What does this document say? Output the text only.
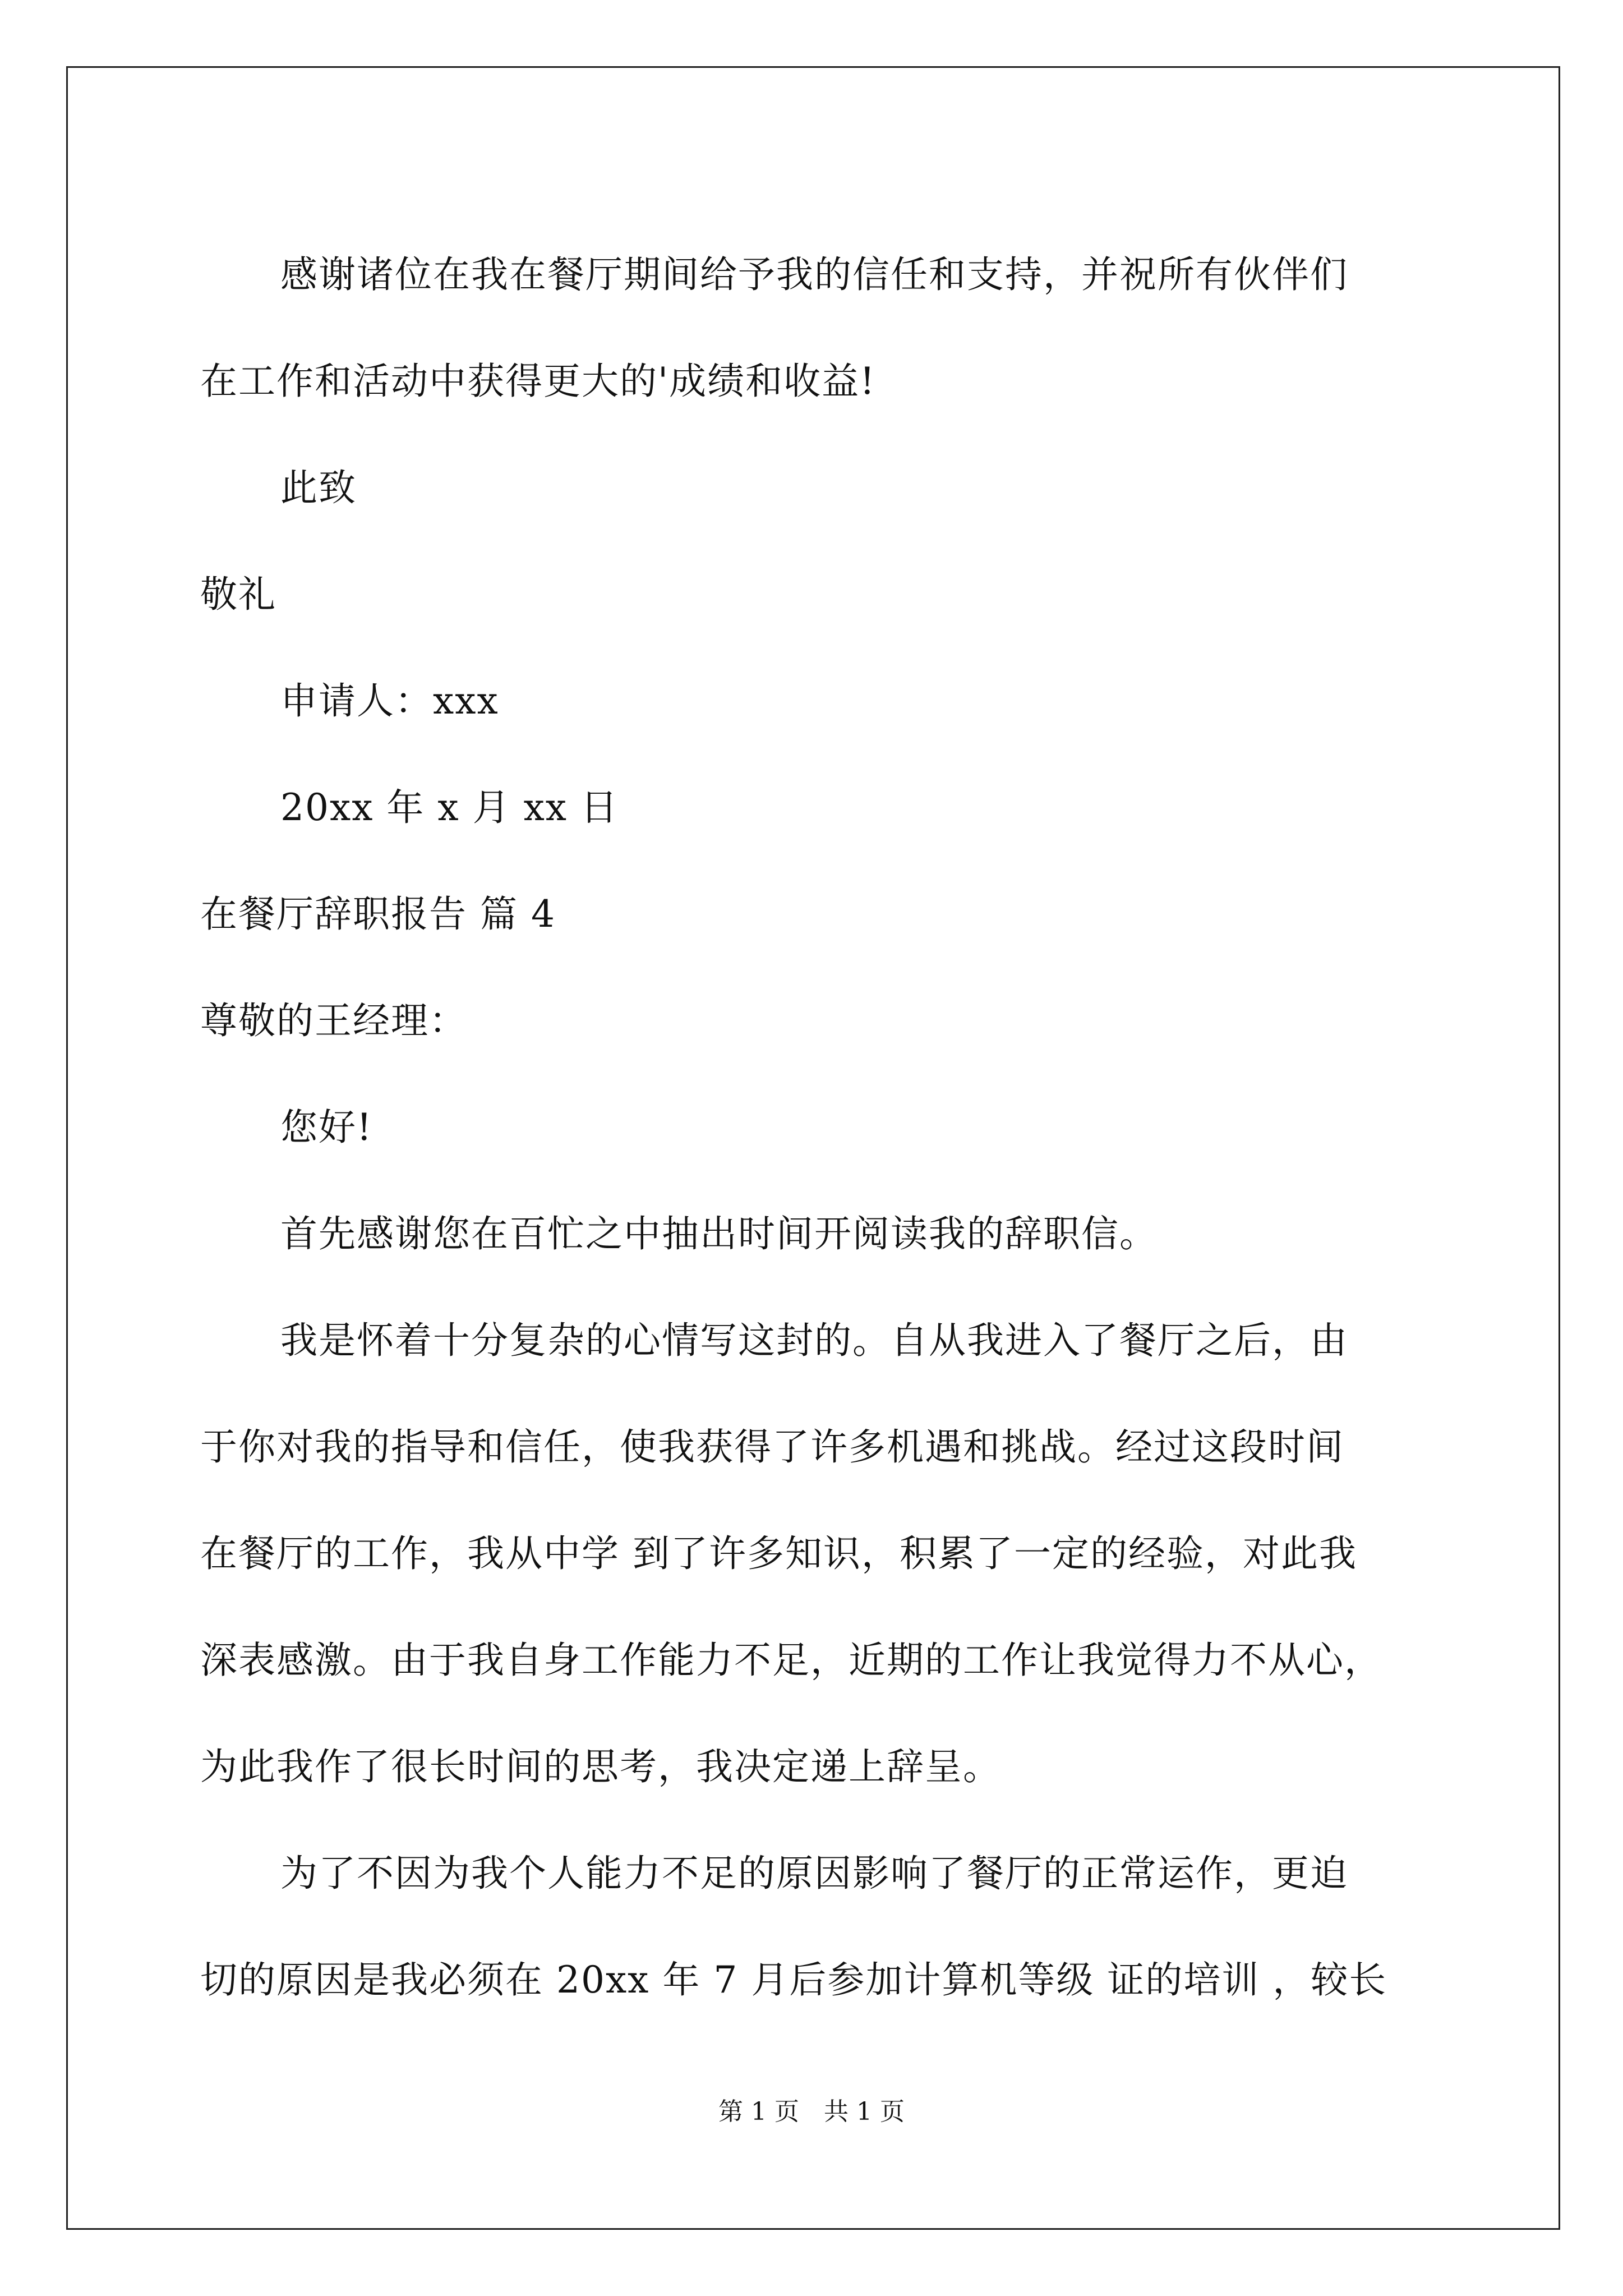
感谢诸位在我在餐厅期间给予我的信任和支持，并祝所有伙伴们
在工作和活动中获得更大的'成绩和收益!
此致
敬礼
申请人：xxx
20xx 年 x 月 xx 日
在餐厅辞职报告 篇 4
尊敬的王经理：
您好!
首先感谢您在百忙之中抽出时间开阅读我的辞职信。
我是怀着十分复杂的心情写这封的。自从我进入了餐厅之后，由
于你对我的指导和信任，使我获得了许多机遇和挑战。经过这段时间
在餐厅的工作，我从中学 到了许多知识，积累了一定的经验，对此我
深表感激。由于我自身工作能力不足，近期的工作让我觉得力不从心，
为此我作了很长时间的思考，我决定递上辞呈。
为了不因为我个人能力不足的原因影响了餐厅的正常运作，更迫
切的原因是我必须在 20xx 年 7 月后参加计算机等级 证的培训 ，较长
第 1 页 共 1 页
